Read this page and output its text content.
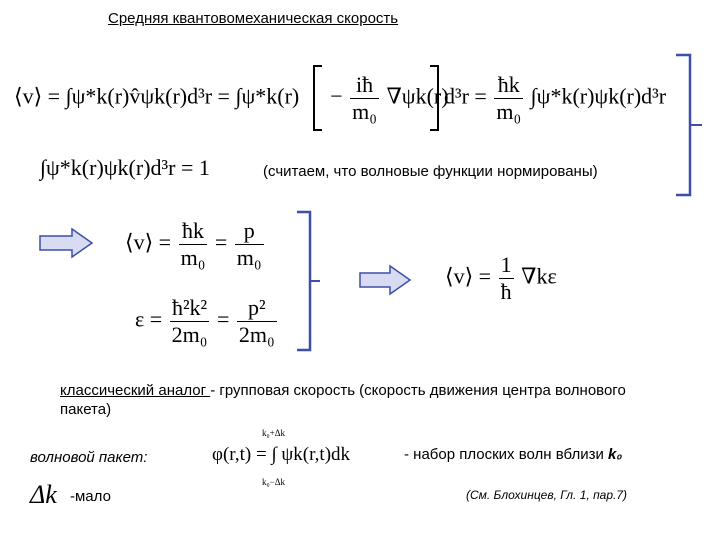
Средняя квантовомеханическая скорость
⟨v⟩ = ∫ψ*k(r)v̂ψk(r)d³r = $\int\psi*k(r) - \frac{iħ}{\text{m₀}} \nabla\psi k(r)$
$d^3r = \frac{ħk}{\text{m₀}} \int\psi*k(r)\psi k(r)d^3r$
∫ψ*k(r)ψk(r)d³r = 1	(считаем, что волновые функции нормированы)
⟨v⟩ = $\frac{ħk}{\text{m₀}} = \frac{p}{\text{m₀}}$
$\varepsilon = \frac{\text{ħ²k²}}{\text{2m₀}} = \frac{\text{p²}}{\text{2m₀}}$
⟨v⟩ = $\frac{1}{ħ} \nabla k\varepsilon$
классический аналог - групповая скорость (скорость движения центра волнового пакета)
волновой пакет:
k₀+Δk
k₀−Δk
φ(r,t) = ∫ ψk(r,t)dk	- набор плоских волн вблизи k₀
Δk -мало	(См. Блохинцев, Гл. 1, пар.7)
